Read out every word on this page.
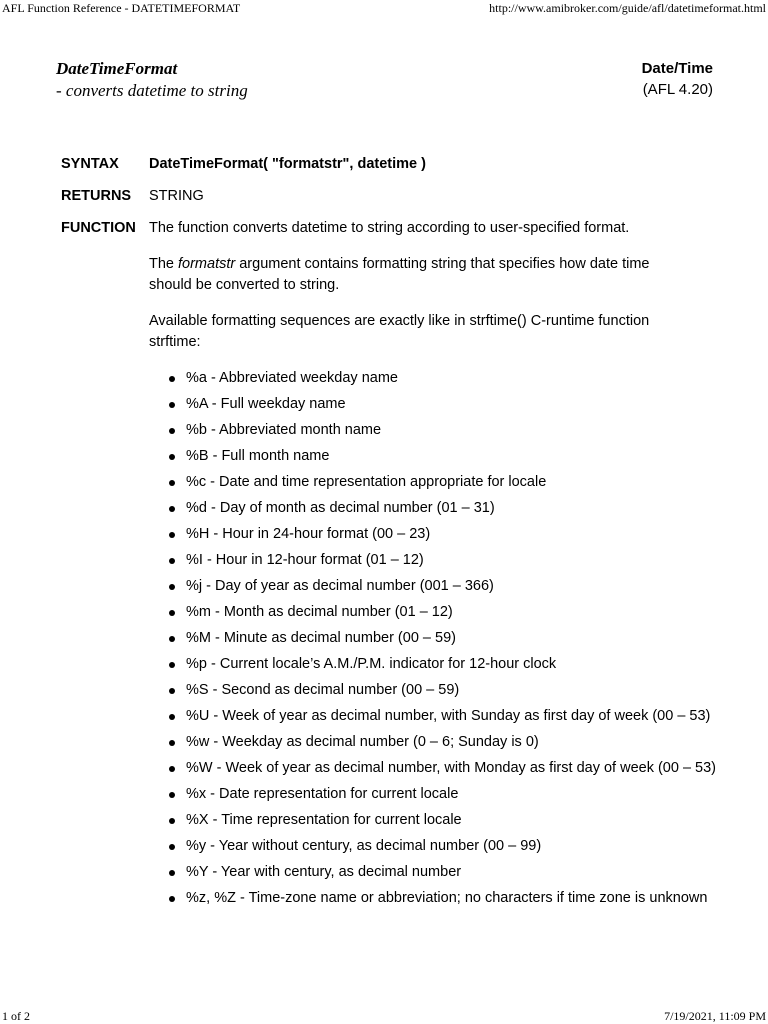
AFL Function Reference - DATETIMEFORMAT	http://www.amibroker.com/guide/afl/datetimeformat.html
DateTimeFormat
- converts datetime to string
Date/Time
(AFL 4.20)
SYNTAX	DateTimeFormat( "formatstr", datetime )
RETURNS	STRING
FUNCTION The function converts datetime to string according to user-specified format.
The formatstr argument contains formatting string that specifies how date time should be converted to string.
Available formatting sequences are exactly like in strftime() C-runtime function strftime:
%a - Abbreviated weekday name
%A - Full weekday name
%b - Abbreviated month name
%B - Full month name
%c - Date and time representation appropriate for locale
%d - Day of month as decimal number (01 – 31)
%H - Hour in 24-hour format (00 – 23)
%I - Hour in 12-hour format (01 – 12)
%j - Day of year as decimal number (001 – 366)
%m - Month as decimal number (01 – 12)
%M - Minute as decimal number (00 – 59)
%p - Current locale’s A.M./P.M. indicator for 12-hour clock
%S - Second as decimal number (00 – 59)
%U - Week of year as decimal number, with Sunday as first day of week (00 – 53)
%w - Weekday as decimal number (0 – 6; Sunday is 0)
%W - Week of year as decimal number, with Monday as first day of week (00 – 53)
%x - Date representation for current locale
%X - Time representation for current locale
%y - Year without century, as decimal number (00 – 99)
%Y - Year with century, as decimal number
%z, %Z - Time-zone name or abbreviation; no characters if time zone is unknown
1 of 2	7/19/2021, 11:09 PM
